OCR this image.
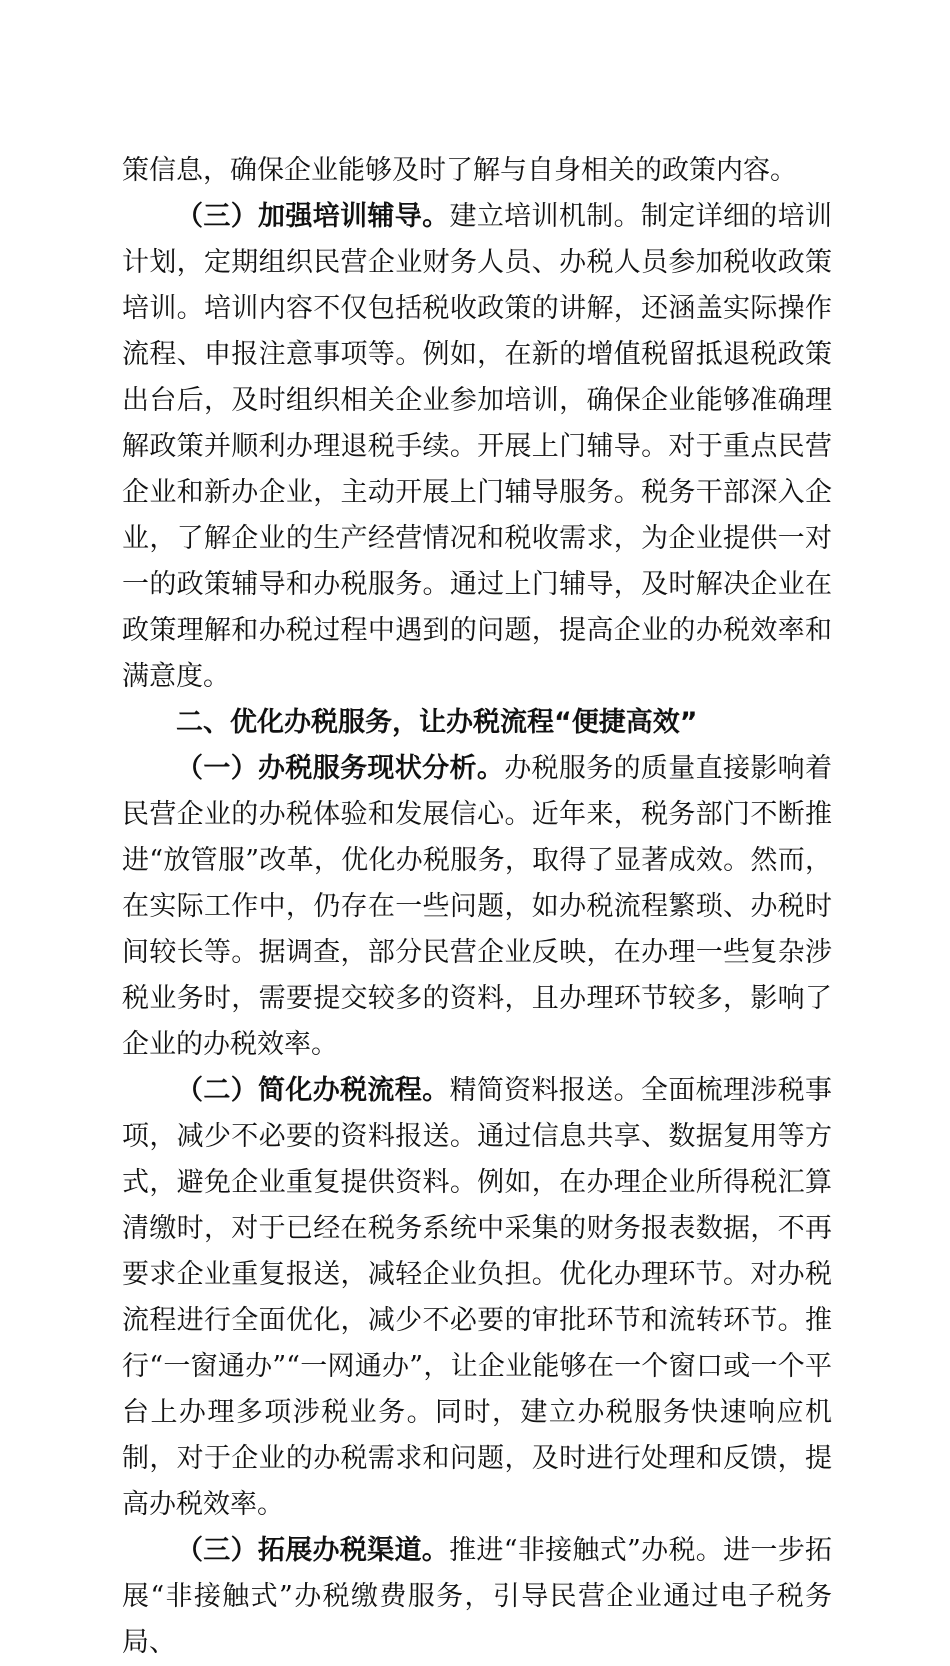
策信息，确保企业能够及时了解与自身相关的政策内容。

（三）加强培训辅导。建立培训机制。制定详细的培训计划，定期组织民营企业财务人员、办税人员参加税收政策培训。培训内容不仅包括税收政策的讲解，还涵盖实际操作流程、申报注意事项等。例如，在新的增值税留抵退税政策出台后，及时组织相关企业参加培训，确保企业能够准确理解政策并顺利办理退税手续。开展上门辅导。对于重点民营企业和新办企业，主动开展上门辅导服务。税务干部深入企业，了解企业的生产经营情况和税收需求，为企业提供一对一的政策辅导和办税服务。通过上门辅导，及时解决企业在政策理解和办税过程中遇到的问题，提高企业的办税效率和满意度。

二、优化办税服务，让办税流程“便捷高效”

（一）办税服务现状分析。办税服务的质量直接影响着民营企业的办税体验和发展信心。近年来，税务部门不断推进“放管服”改革，优化办税服务，取得了显著成效。然而，在实际工作中，仍存在一些问题，如办税流程繁琐、办税时间较长等。据调查，部分民营企业反映，在办理一些复杂涉税业务时，需要提交较多的资料，且办理环节较多，影响了企业的办税效率。

（二）简化办税流程。精简资料报送。全面梳理涉税事项，减少不必要的资料报送。通过信息共享、数据复用等方式，避免企业重复提供资料。例如，在办理企业所得税汇算清缴时，对于已经在税务系统中采集的财务报表数据，不再要求企业重复报送，减轻企业负担。优化办理环节。对办税流程进行全面优化，减少不必要的审批环节和流转环节。推行“一窗通办”“一网通办”，让企业能够在一个窗口或一个平台上办理多项涉税业务。同时，建立办税服务快速响应机制，对于企业的办税需求和问题，及时进行处理和反馈，提高办税效率。

（三）拓展办税渠道。推进“非接触式”办税。进一步拓展“非接触式”办税缴费服务，引导民营企业通过电子税务局、
